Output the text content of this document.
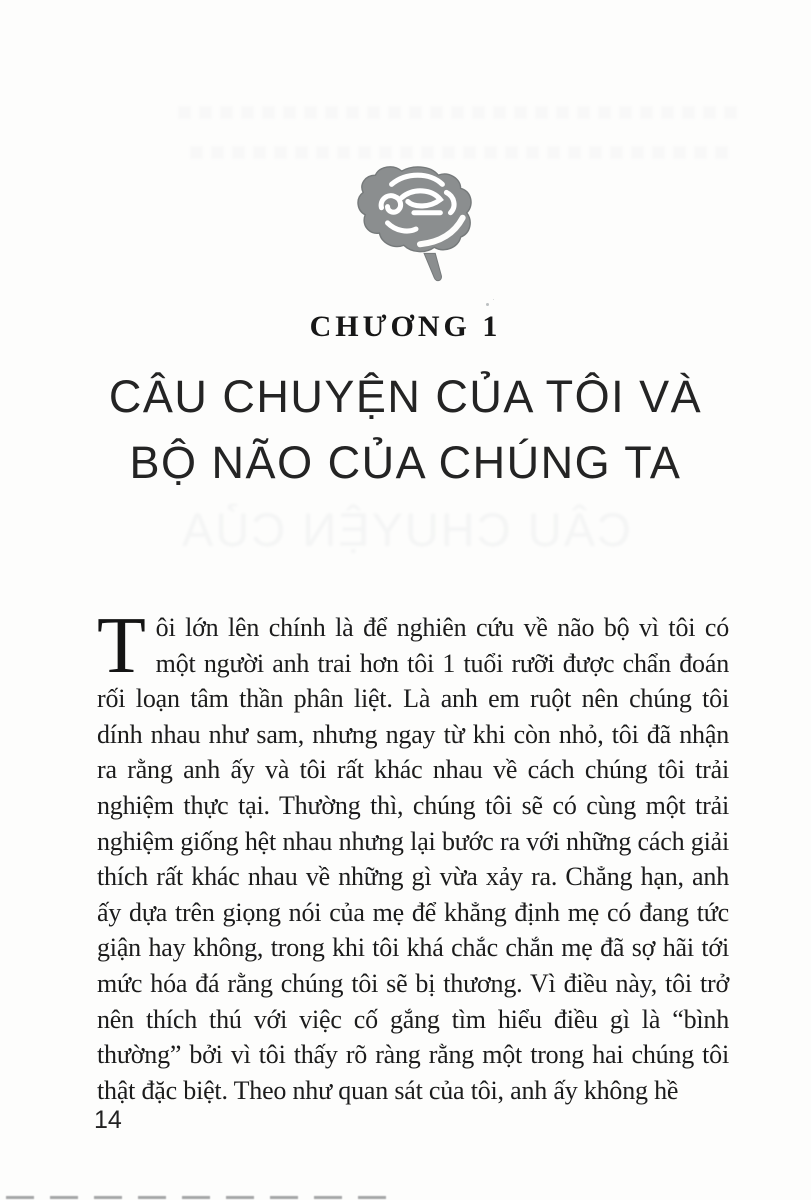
CHƯƠNG 1
CÂU CHUYỆN CỦA TÔI VÀ
BỘ NÃO CỦA CHÚNG TA
CÂU CHUYỆN CỦA

Tôi lớn lên chính là để nghiên cứu về não bộ vì tôi có một người anh trai hơn tôi 1 tuổi rưỡi được chẩn đoán rối loạn tâm thần phân liệt. Là anh em ruột nên chúng tôi dính nhau như sam, nhưng ngay từ khi còn nhỏ, tôi đã nhận ra rằng anh ấy và tôi rất khác nhau về cách chúng tôi trải nghiệm thực tại. Thường thì, chúng tôi sẽ có cùng một trải nghiệm giống hệt nhau nhưng lại bước ra với những cách giải thích rất khác nhau về những gì vừa xảy ra. Chẳng hạn, anh ấy dựa trên giọng nói của mẹ để khẳng định mẹ có đang tức giận hay không, trong khi tôi khá chắc chắn mẹ đã sợ hãi tới mức hóa đá rằng chúng tôi sẽ bị thương. Vì điều này, tôi trở nên thích thú với việc cố gắng tìm hiểu điều gì là “bình thường” bởi vì tôi thấy rõ ràng rằng một trong hai chúng tôi thật đặc biệt. Theo như quan sát của tôi, anh ấy không hề

14
